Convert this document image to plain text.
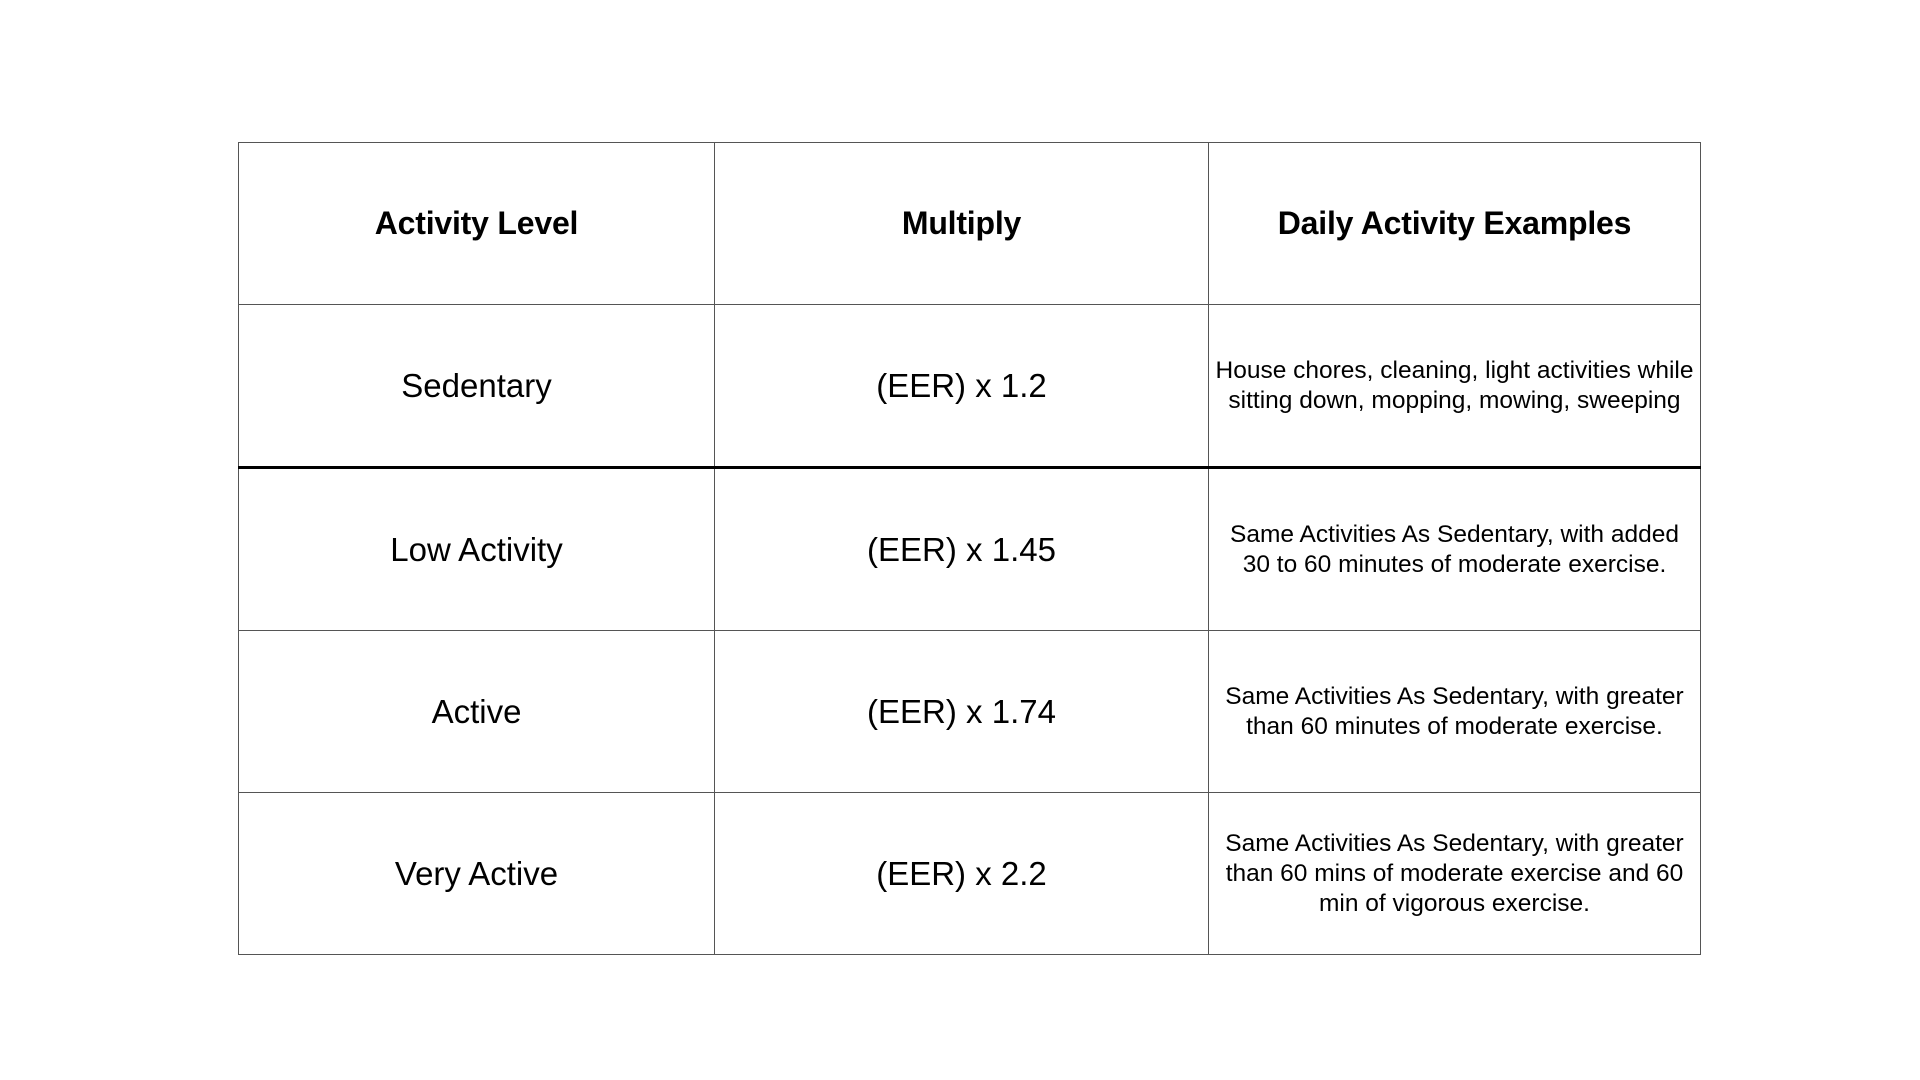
Activity Level	Multiply	Daily Activity Examples
Sedentary	(EER) x 1.2	House chores, cleaning, light activities while sitting down, mopping, mowing, sweeping
Low Activity	(EER) x 1.45	Same Activities As Sedentary, with added 30 to 60 minutes of moderate exercise.
Active	(EER) x 1.74	Same Activities As Sedentary, with greater than 60 minutes of moderate exercise.
Very Active	(EER) x 2.2	Same Activities As Sedentary, with greater than 60 mins of moderate exercise and 60 min of vigorous exercise.
